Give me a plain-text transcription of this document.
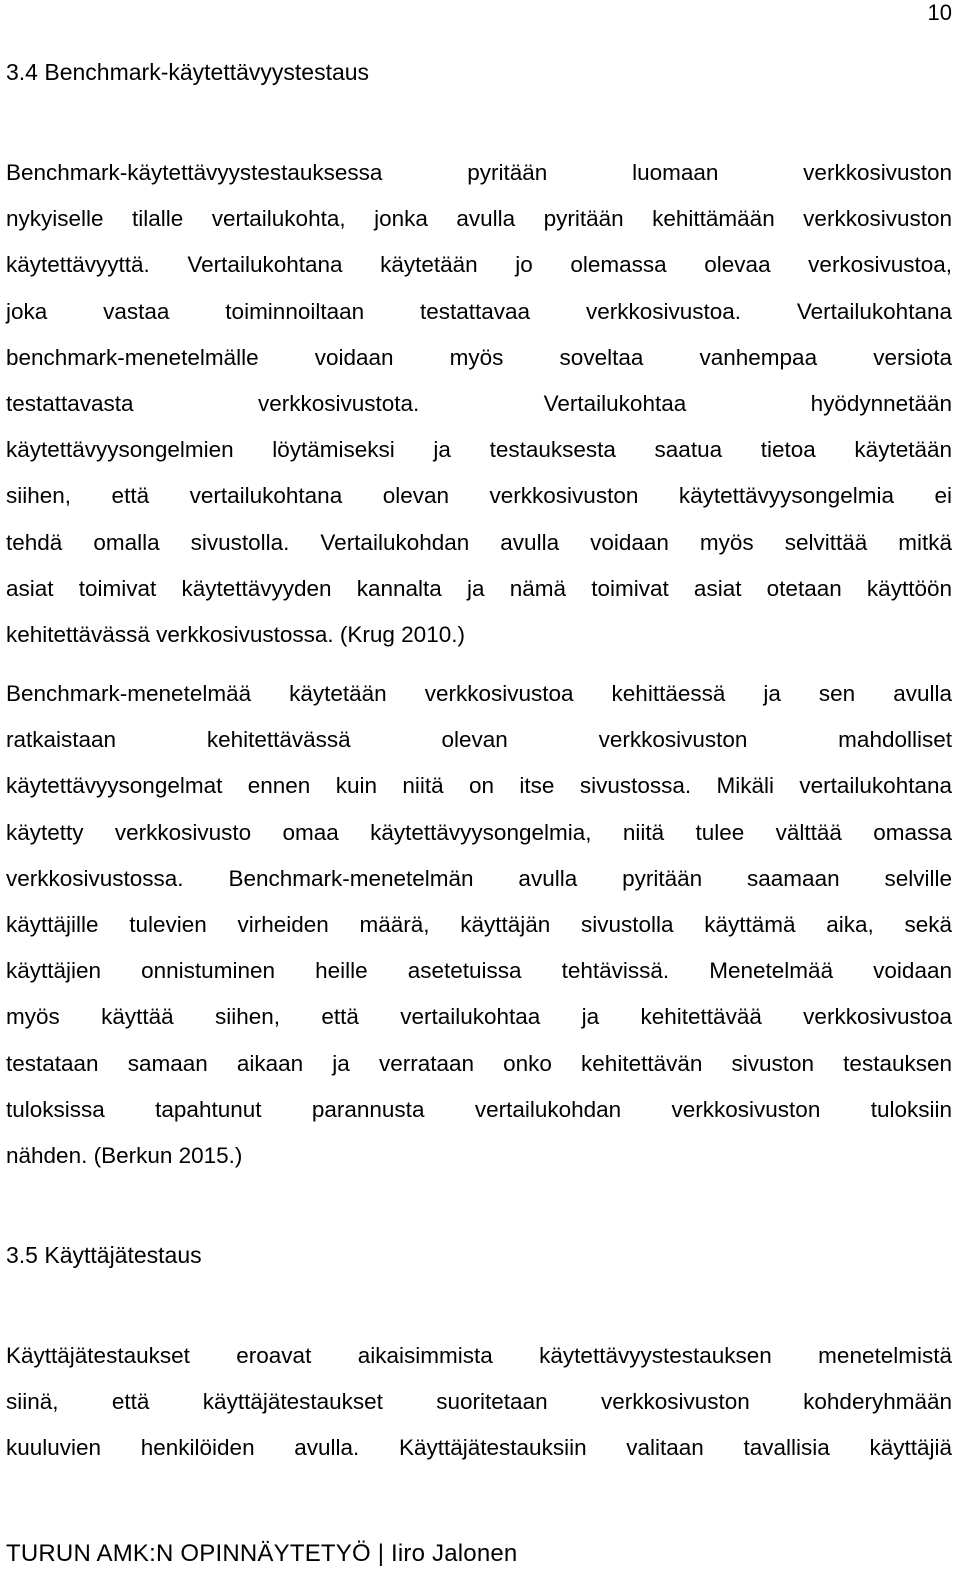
10
3.4 Benchmark-käytettävyystestaus

Benchmark-käytettävyystestauksessa pyritään luomaan verkkosivuston
nykyiselle tilalle vertailukohta, jonka avulla pyritään kehittämään verkkosivuston
käytettävyyttä. Vertailukohtana käytetään jo olemassa olevaa verkosivustoa,
joka vastaa toiminnoiltaan testattavaa verkkosivustoa. Vertailukohtana
benchmark-menetelmälle voidaan myös soveltaa vanhempaa versiota
testattavasta verkkosivustota. Vertailukohtaa hyödynnetään
käytettävyysongelmien löytämiseksi ja testauksesta saatua tietoa käytetään
siihen, että vertailukohtana olevan verkkosivuston käytettävyysongelmia ei
tehdä omalla sivustolla. Vertailukohdan avulla voidaan myös selvittää mitkä
asiat toimivat käytettävyyden kannalta ja nämä toimivat asiat otetaan käyttöön
kehitettävässä verkkosivustossa. (Krug 2010.)

Benchmark-menetelmää käytetään verkkosivustoa kehittäessä ja sen avulla
ratkaistaan kehitettävässä olevan verkkosivuston mahdolliset
käytettävyysongelmat ennen kuin niitä on itse sivustossa. Mikäli vertailukohtana
käytetty verkkosivusto omaa käytettävyysongelmia, niitä tulee välttää omassa
verkkosivustossa. Benchmark-menetelmän avulla pyritään saamaan selville
käyttäjille tulevien virheiden määrä, käyttäjän sivustolla käyttämä aika, sekä
käyttäjien onnistuminen heille asetetuissa tehtävissä. Menetelmää voidaan
myös käyttää siihen, että vertailukohtaa ja kehitettävää verkkosivustoa
testataan samaan aikaan ja verrataan onko kehitettävän sivuston testauksen
tuloksissa tapahtunut parannusta vertailukohdan verkkosivuston tuloksiin
nähden. (Berkun 2015.)

3.5 Käyttäjätestaus

Käyttäjätestaukset eroavat aikaisimmista käytettävyystestauksen menetelmistä
siinä, että käyttäjätestaukset suoritetaan verkkosivuston kohderyhmään
kuuluvien henkilöiden avulla. Käyttäjätestauksiin valitaan tavallisia käyttäjiä

TURUN AMK:N OPINNÄYTETYÖ | Iiro Jalonen
